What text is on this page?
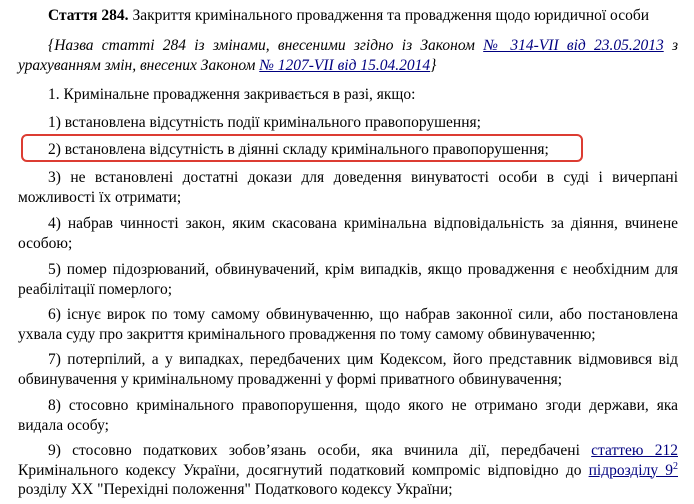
Стаття 284. Закриття кримінального провадження та провадження щодо юридичної особи

{Назва статті 284 із змінами, внесеними згідно із Законом № 314-VII від 23.05.2013 з урахуванням змін, внесених Законом № 1207-VII від 15.04.2014}

1. Кримінальне провадження закривається в разі, якщо:

1) встановлена відсутність події кримінального правопорушення;

2) встановлена відсутність в діянні складу кримінального правопорушення;

3) не встановлені достатні докази для доведення винуватості особи в суді і вичерпані можливості їх отримати;

4) набрав чинності закон, яким скасована кримінальна відповідальність за діяння, вчинене особою;

5) помер підозрюваний, обвинувачений, крім випадків, якщо провадження є необхідним для реабілітації померлого;

6) існує вирок по тому самому обвинуваченню, що набрав законної сили, або постановлена ухвала суду про закриття кримінального провадження по тому самому обвинуваченню;

7) потерпілий, а у випадках, передбачених цим Кодексом, його представник відмовився від обвинувачення у кримінальному провадженні у формі приватного обвинувачення;

8) стосовно кримінального правопорушення, щодо якого не отримано згоди держави, яка видала особу;

9) стосовно податкових зобов’язань особи, яка вчинила дії, передбачені статтею 212 Кримінального кодексу України, досягнутий податковий компроміс відповідно до підрозділу 9$^2$ розділу XX "Перехідні положення" Податкового кодексу України;
